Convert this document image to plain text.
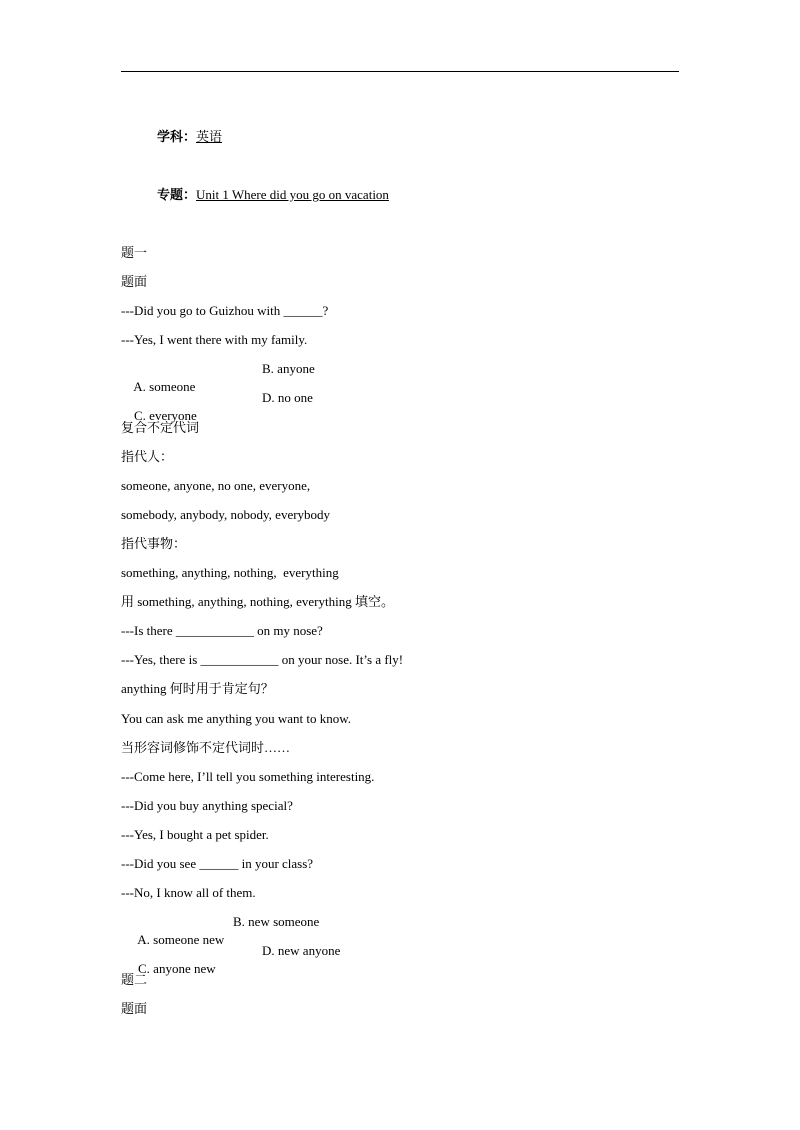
学科：英语
专题：Unit 1 Where did you go on vacation
题一
题面
---Did you go to Guizhou with ______?
---Yes, I went there with my family.

A. someone

B. anyone

C. everyone

D. no one

复合不定代词
指代人：
someone, anyone, no one, everyone,
somebody, anybody, nobody, everybody
指代事物：
something, anything, nothing,  everything
用 something, anything, nothing, everything 填空。
---Is there ____________ on my nose?
---Yes, there is ____________ on your nose. It’s a fly!
anything 何时用于肯定句？
You can ask me anything you want to know.
当形容词修饰不定代词时……
---Come here, I’ll tell you something interesting.
---Did you buy anything special?
---Yes, I bought a pet spider.
---Did you see ______ in your class?
---No, I know all of them.

A. someone new

B. new someone

C. anyone new

D. new anyone

题二
题面
